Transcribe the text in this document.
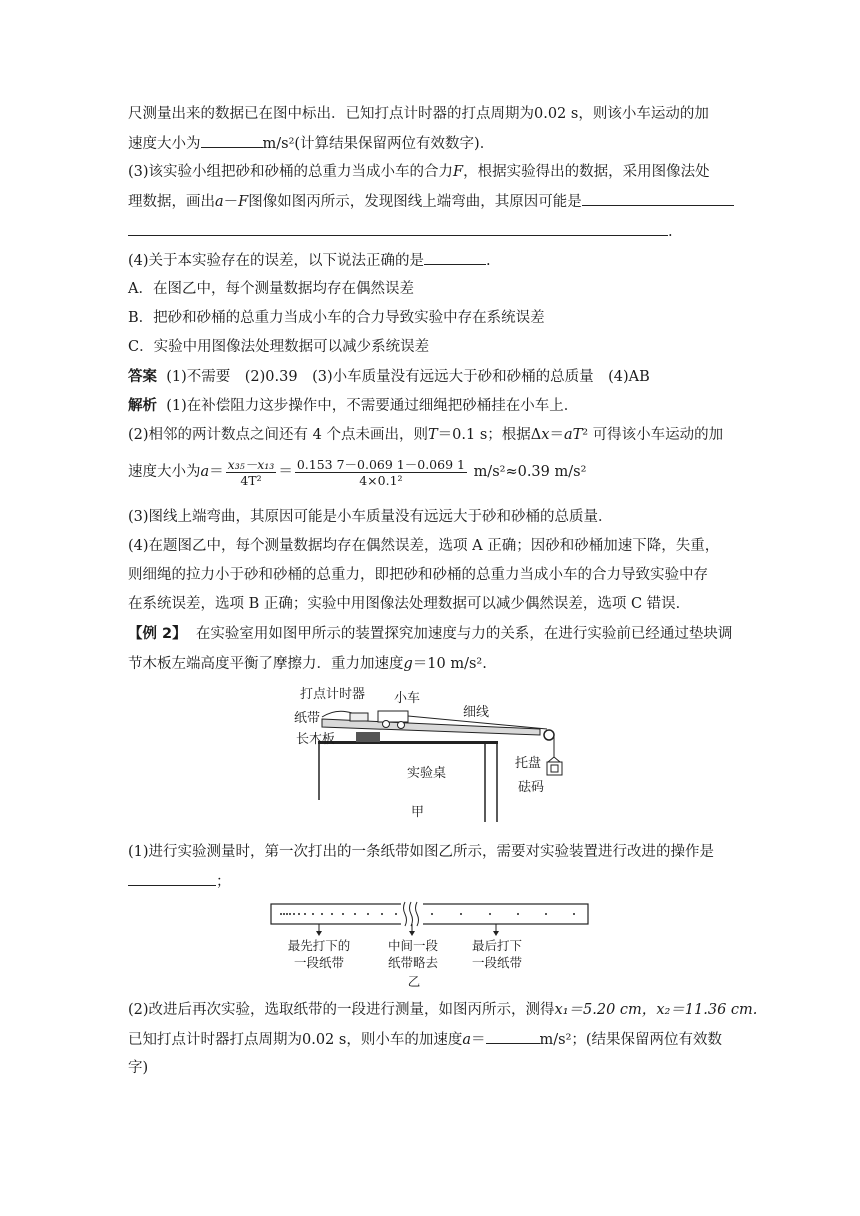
尺测量出来的数据已在图中标出．已知打点计时器的打点周期为0.02 s，则该小车运动的加
速度大小为	m/s²(计算结果保留两位有效数字)．
(3)该实验小组把砂和砂桶的总重力当成小车的合力F，根据实验得出的数据，采用图像法处
理数据，画出a－F图像如图丙所示，发现图线上端弯曲，其原因可能是
.
(4)关于本实验存在的误差，以下说法正确的是	.
A．在图乙中，每个测量数据均存在偶然误差
B．把砂和砂桶的总重力当成小车的合力导致实验中存在系统误差
C．实验中用图像法处理数据可以减少系统误差
答案 (1)不需要　(2)0.39　(3)小车质量没有远远大于砂和砂桶的总质量　(4)AB
解析 (1)在补偿阻力这步操作中，不需要通过细绳把砂桶挂在小车上．
(2)相邻的两计数点之间还有 4 个点未画出，则T＝0.1 s；根据Δx＝aT² 可得该小车运动的加
速度大小为$a= \frac{\text{x₃₅－x₁₃}}{\text{4T²}} = \frac{0.153 7-0.069 1-0.069 1}{\text{4×0.1²}} m/s^2\approx 0.39$ m/s²
(3)图线上端弯曲，其原因可能是小车质量没有远远大于砂和砂桶的总质量．
(4)在题图乙中，每个测量数据均存在偶然误差，选项 A 正确；因砂和砂桶加速下降，失重，
则细绳的拉力小于砂和砂桶的总重力，即把砂和砂桶的总重力当成小车的合力导致实验中存
在系统误差，选项 B 正确；实验中用图像法处理数据可以减少偶然误差，选项 C 错误．
【例 2】 在实验室用如图甲所示的装置探究加速度与力的关系，在进行实验前已经通过垫块调
节木板左端高度平衡了摩擦力．重力加速度g＝10 m/s².
打点计时器 小车
纸带	细线
长木板
托盘
实验桌
砝码
甲
(1)进行实验测量时，第一次打出的一条纸带如图乙所示，需要对实验装置进行改进的操作是
；
最先打下的
一段纸带
中间一段
纸带略去
最后打下
一段纸带
乙
(2)改进后再次实验，选取纸带的一段进行测量，如图丙所示，测得x₁＝5.20 cm，x₂＝11.36 cm.
已知打点计时器打点周期为0.02 s，则小车的加速度a＝	m/s²；(结果保留两位有效数
字)
